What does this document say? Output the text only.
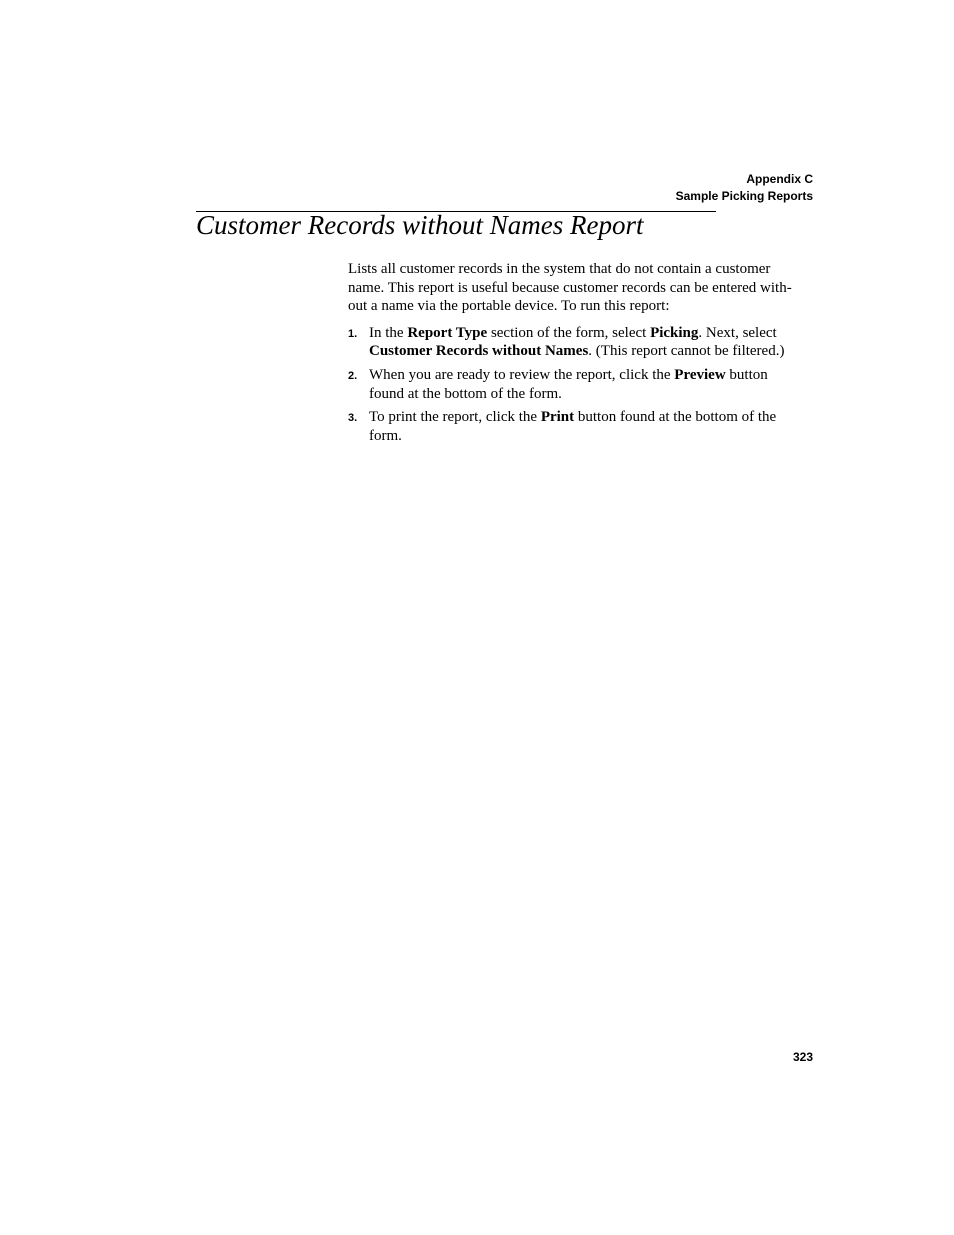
Appendix C
Sample Picking Reports
Customer Records without Names Report

Lists all customer records in the system that do not contain a customer
name. This report is useful because customer records can be entered with-
out a name via the portable device. To run this report:

1. In the Report Type section of the form, select Picking. Next, select
Customer Records without Names. (This report cannot be filtered.)
2. When you are ready to review the report, click the Preview button
found at the bottom of the form.
3. To print the report, click the Print button found at the bottom of the
form.
323
